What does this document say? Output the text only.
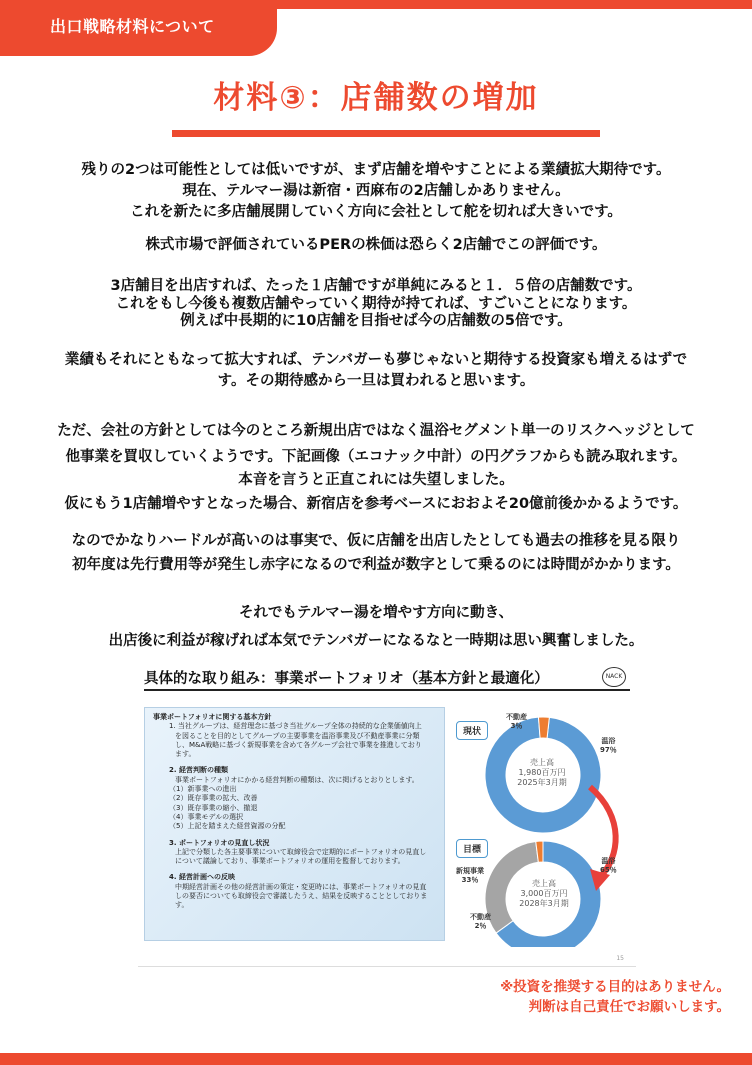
出口戦略材料について
材料③：店舗数の増加

残りの2つは可能性としては低いですが、まず店舗を増やすことによる業績拡大期待です。

現在、テルマー湯は新宿・西麻布の2店舗しかありません。

これを新たに多店舗展開していく方向に会社として舵を切れば大きいです。

株式市場で評価されているPERの株価は恐らく2店舗でこの評価です。

3店舗目を出店すれば、たった１店舗ですが単純にみると１．５倍の店舗数です。

これをもし今後も複数店舗やっていく期待が持てれば、すごいことになります。

例えば中長期的に10店舗を目指せば今の店舗数の5倍です。

業績もそれにともなって拡大すれば、テンバガーも夢じゃないと期待する投資家も増えるはずで

す。その期待感から一旦は買われると思います。

ただ、会社の方針としては今のところ新規出店ではなく温浴セグメント単一のリスクヘッジとして

他事業を買収していくようです。下記画像（エコナック中計）の円グラフからも読み取れます。

本音を言うと正直これには失望しました。

仮にもう1店舗増やすとなった場合、新宿店を参考ベースにおおよそ20億前後かかるようです。

なのでかなりハードルが高いのは事実で、仮に店舗を出店したとしても過去の推移を見る限り

初年度は先行費用等が発生し赤字になるので利益が数字として乗るのには時間がかかります。

それでもテルマー湯を増やす方向に動き、

出店後に利益が稼げれば本気でテンバガーになるなと一時期は思い興奮しました。

具体的な取り組み：事業ポートフォリオ（基本方針と最適化）	NACK
事業ポートフォリオに関する基本方針
1. 当社グループは、経営理念に基づき当社グループ全体の持続的な企業価値向上
を図ることを目的としてグループの主要事業を温浴事業及び不動産事業に分類
し、M&A戦略に基づく新規事業を含めて各グループ会社で事業を推進しており
ます。
2. 経営判断の種類
事業ポートフォリオにかかる経営判断の種類は、次に掲げるとおりとします。
（1）新事業への進出
（2）既存事業の拡大、改善
（3）既存事業の縮小、撤退
（4）事業モデルの選択
（5）上記を踏まえた経営資源の分配
3. ポートフォリオの見直し状況
上記で分類した各主要事業について取締役会で定期的にポートフォリオの見直し
について議論しており、事業ポートフォリオの運用を監督しております。
4. 経営計画への反映
中期経営計画その他の経営計画の策定・変更時には、事業ポートフォリオの見直
しの要否についても取締役会で審議したうえ、結果を反映することとしております。
現状
不動産
3％
温浴
97％
売上高
1,980百万円
2025年3月期
目標
新規事業
33％
温浴
65％
不動産
2％
売上高
3,000百万円
2028年3月期
15
※投資を推奨する目的はありません。
判断は自己責任でお願いします。
